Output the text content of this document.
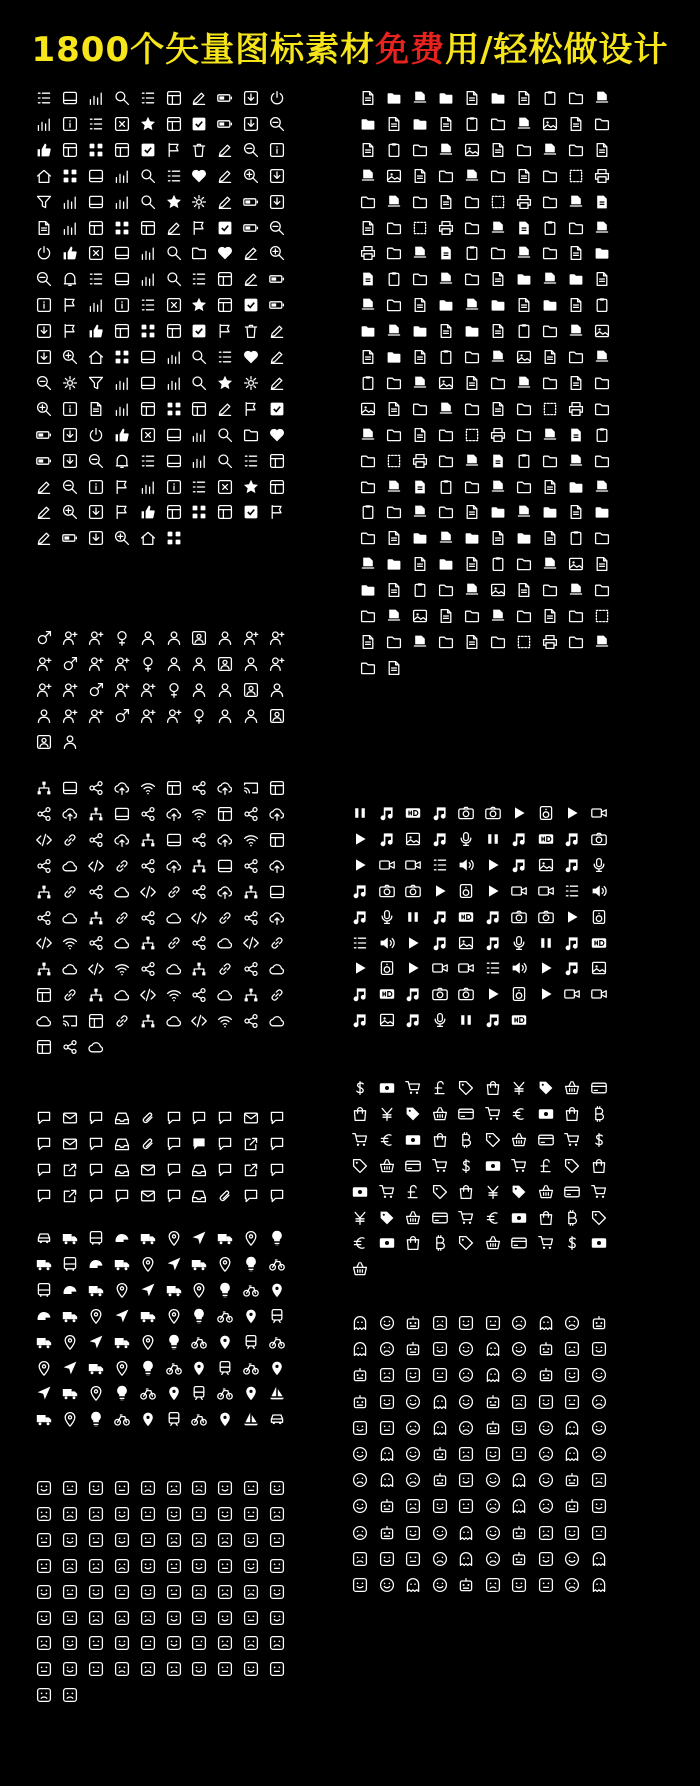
1800个矢量图标素材免费用/轻松做设计
